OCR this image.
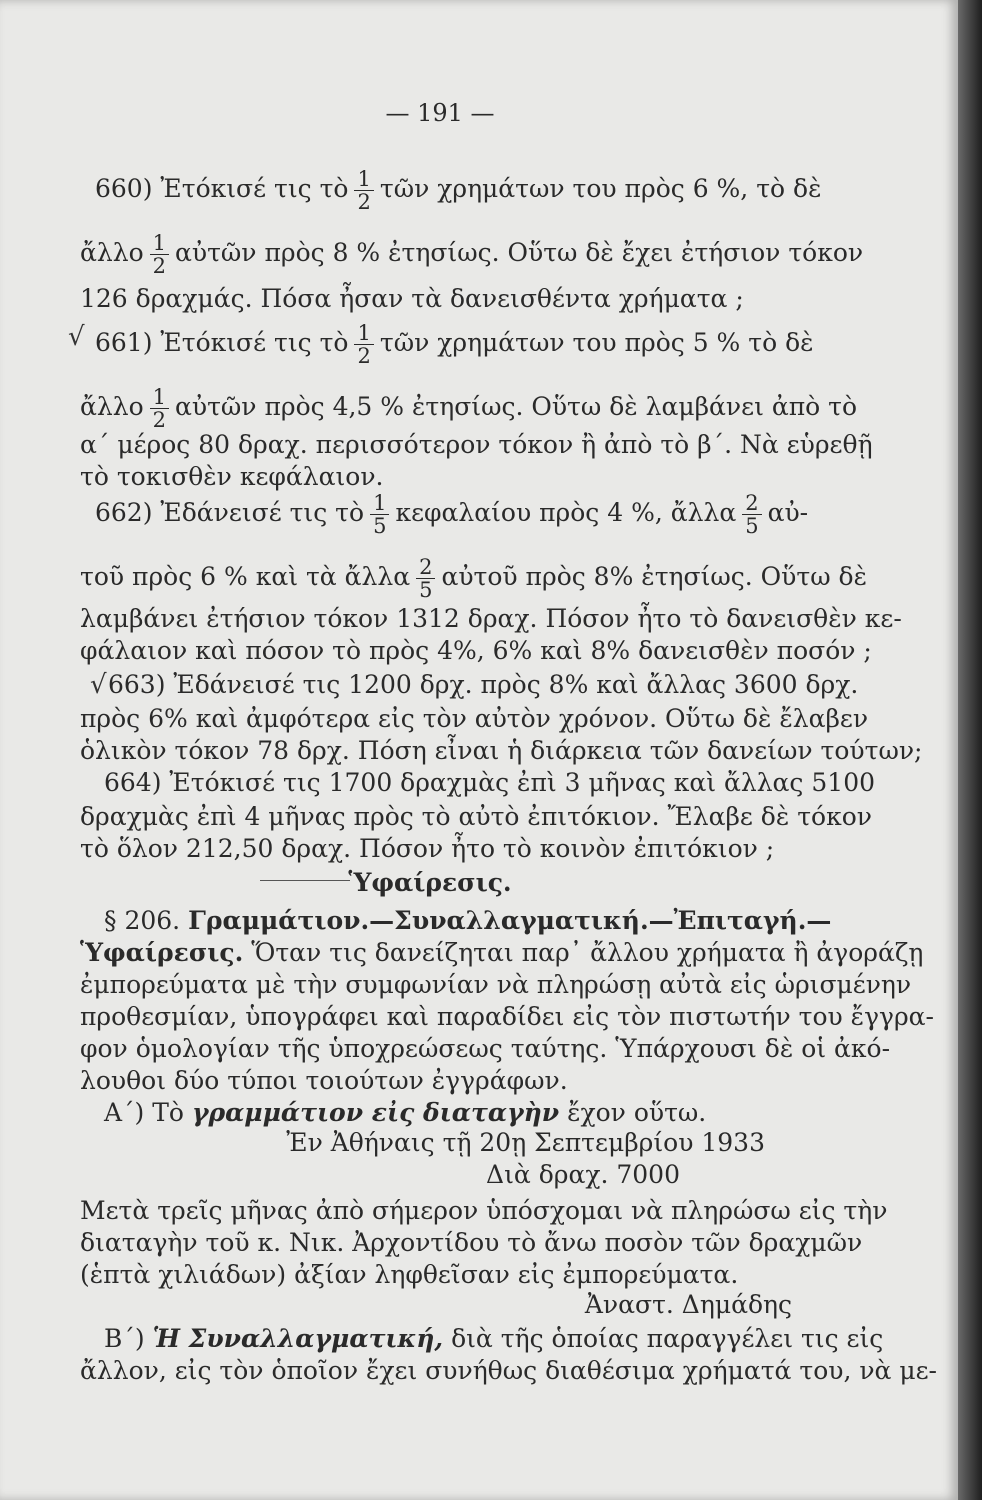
— 191 —
660) Ἐτόκισέ τις τὸ $\frac{1}{2}$ τῶν χρημάτων του πρὸς 6 %, τὸ δὲ
ἄλλο $\frac{1}{2}$ αὐτῶν πρὸς 8 % ἐτησίως. Οὕτω δὲ ἔχει ἐτήσιον τόκον
126 δραχμάς. Πόσα ἦσαν τὰ δανεισθέντα χρήματα ;
√ 661) Ἐτόκισέ τις τὸ $\frac{1}{2}$ τῶν χρημάτων του πρὸς 5 % τὸ δὲ
ἄλλο $\frac{1}{2}$ αὐτῶν πρὸς 4,5 % ἐτησίως. Οὕτω δὲ λαμβάνει ἀπὸ τὸ
α΄ μέρος 80 δραχ. περισσότερον τόκον ἢ ἀπὸ τὸ β΄. Νὰ εὑρεθῇ
τὸ τοκισθὲν κεφάλαιον.
662) Ἐδάνεισέ τις τὸ $\frac{1}{5}$ κεφαλαίου πρὸς 4 %, ἄλλα $\frac{2}{5}$ αὐ-
τοῦ πρὸς 6 % καὶ τὰ ἄλλα $\frac{2}{5}$ αὐτοῦ πρὸς 8% ἐτησίως. Οὕτω δὲ
λαμβάνει ἐτήσιον τόκον 1312 δραχ. Πόσον ἦτο τὸ δανεισθὲν κε-
φάλαιον καὶ πόσον τὸ πρὸς 4%, 6% καὶ 8% δανεισθὲν ποσόν ;
√ 663) Ἐδάνεισέ τις 1200 δρχ. πρὸς 8% καὶ ἄλλας 3600 δρχ.
πρὸς 6% καὶ ἀμφότερα εἰς τὸν αὐτὸν χρόνον. Οὕτω δὲ ἔλαβεν
ὁλικὸν τόκον 78 δρχ. Πόση εἶναι ἡ διάρκεια τῶν δανείων τούτων;
664) Ἐτόκισέ τις 1700 δραχμὰς ἐπὶ 3 μῆνας καὶ ἄλλας 5100
δραχμὰς ἐπὶ 4 μῆνας πρὸς τὸ αὐτὸ ἐπιτόκιον. Ἔλαβε δὲ τόκον
τὸ ὅλον 212,50 δραχ. Πόσον ἦτο τὸ κοινὸν ἐπιτόκιον ;
Ὑφαίρεσις.
§ 206. Γραμμάτιον.—Συναλλαγματική.—Ἐπιταγή.—
Ὑφαίρεσις. Ὅταν τις δανείζηται παρ᾽ ἄλλου χρήματα ἢ ἀγοράζῃ
ἐμπορεύματα μὲ τὴν συμφωνίαν νὰ πληρώσῃ αὐτὰ εἰς ὡρισμένην
προθεσμίαν, ὑπογράφει καὶ παραδίδει εἰς τὸν πιστωτήν του ἔγγρα-
φον ὁμολογίαν τῆς ὑποχρεώσεως ταύτης. Ὑπάρχουσι δὲ οἱ ἀκό-
λουθοι δύο τύποι τοιούτων ἐγγράφων.
Α΄) Τὸ γραμμάτιον εἰς διαταγὴν ἔχον οὕτω.
Ἐν Ἀθήναις τῇ 20ῃ Σεπτεμβρίου 1933
Διὰ δραχ. 7000
Μετὰ τρεῖς μῆνας ἀπὸ σήμερον ὑπόσχομαι νὰ πληρώσω εἰς τὴν
διαταγὴν τοῦ κ. Νικ. Ἀρχοντίδου τὸ ἄνω ποσὸν τῶν δραχμῶν
(ἑπτὰ χιλιάδων) ἀξίαν ληφθεῖσαν εἰς ἐμπορεύματα.
Ἀναστ. Δημάδης
Β΄) Ἡ Συναλλαγματική, διὰ τῆς ὁποίας παραγγέλει τις εἰς
ἄλλον, εἰς τὸν ὁποῖον ἔχει συνήθως διαθέσιμα χρήματά του, νὰ με-
